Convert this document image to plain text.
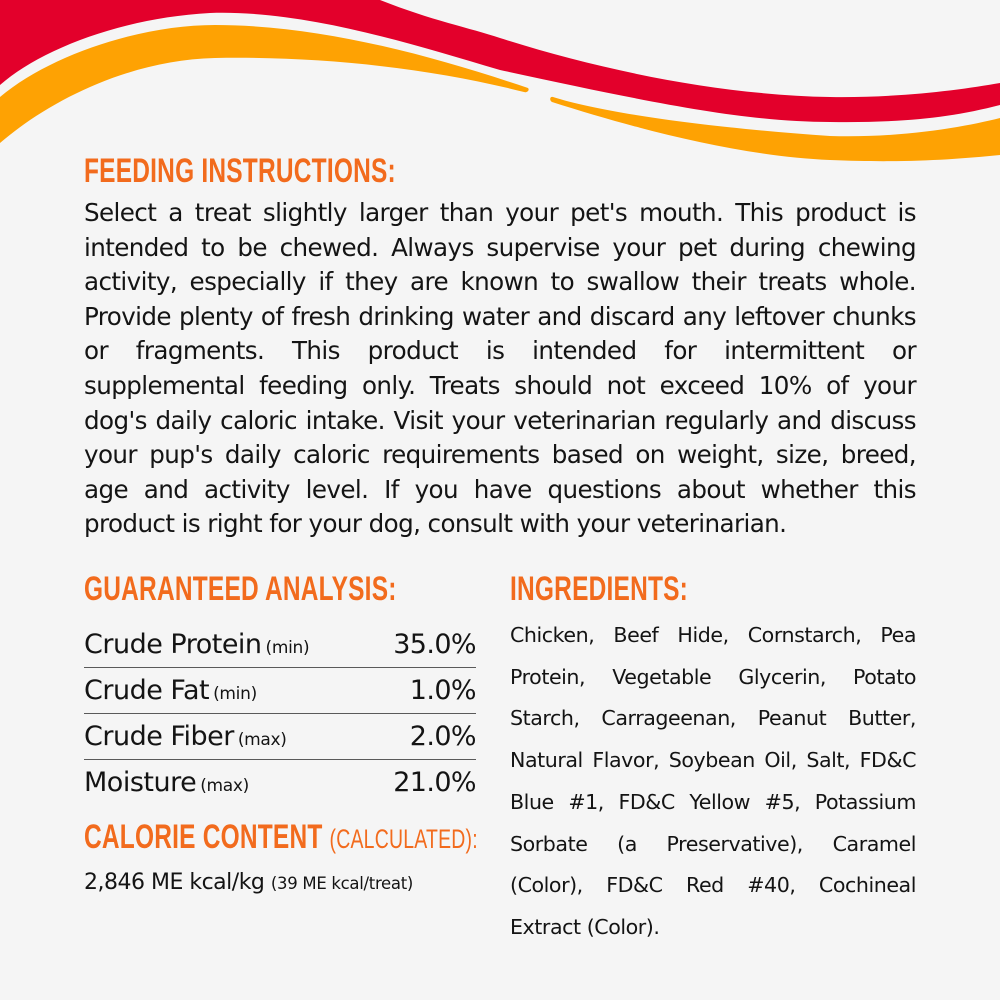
FEEDING INSTRUCTIONS:

Select a treat slightly larger than your pet's mouth. This product is intended to be chewed. Always supervise your pet during chewing activity, especially if they are known to swallow their treats whole. Provide plenty of fresh drinking water and discard any leftover chunks or fragments. This product is intended for intermittent or supplemental feeding only. Treats should not exceed 10% of your dog's daily caloric intake. Visit your veterinarian regularly and discuss your pup's daily caloric requirements based on weight, size, breed, age and activity level. If you have questions about whether this product is right for your dog, consult with your veterinarian.

GUARANTEED ANALYSIS:
Crude Protein (min)	35.0%
Crude Fat (min)	1.0%
Crude Fiber (max)	2.0%
Moisture (max)	21.0%
CALORIE CONTENT (CALCULATED):
2,846 ME kcal/kg (39 ME kcal/treat)
INGREDIENTS:

Chicken, Beef Hide, Cornstarch, Pea Protein, Vegetable Glycerin, Potato Starch, Carrageenan, Peanut Butter, Natural Flavor, Soybean Oil, Salt, FD&C Blue #1, FD&C Yellow #5, Potassium Sorbate (a Preservative), Caramel (Color), FD&C Red #40, Cochineal Extract (Color).
